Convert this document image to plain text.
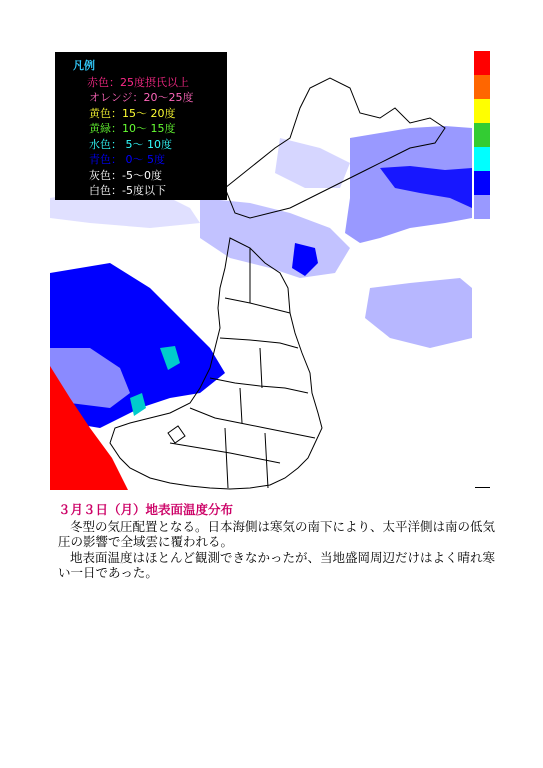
凡例
赤色：25度摂氏以上
オレンジ：20～25度
黄色：15～ 20度
黄緑：10～ 15度
水色： 5～ 10度
青色： 0～ 5度
灰色：-5～0度
白色：-5度以下
３月３日（月）地表面温度分布

冬型の気圧配置となる。日本海側は寒気の南下により、太平洋側は南の低気圧の影響で全域雲に覆われる。

地表面温度はほとんど観測できなかったが、当地盛岡周辺だけはよく晴れ寒い一日であった。
